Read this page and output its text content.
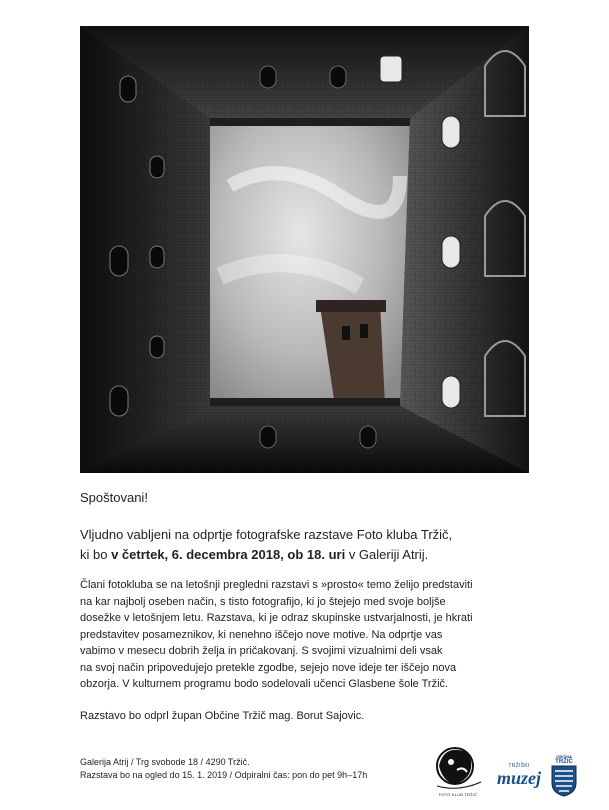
Spoštovani!
Vljudno vabljeni na odprtje fotografske razstave Foto kluba Tržič,
ki bo v četrtek, 6. decembra 2018, ob 18. uri v Galeriji Atrij.
Člani fotokluba se na letošnji pregledni razstavi s »prosto« temo želijo predstaviti
na kar najbolj oseben način, s tisto fotografijo, ki jo štejejo med svoje boljše
dosežke v letošnjem letu. Razstava, ki je odraz skupinske ustvarjalnosti, je hkrati
predstavitev posameznikov, ki nenehno iščejo nove motive. Na odprtje vas
vabimo v mesecu dobrih želja in pričakovanj. S svojimi vizualnimi deli vsak
na svoj način pripovedujejo pretekle zgodbe, sejejo nove ideje ter iščejo nova
obzorja. V kulturnem programu bodo sodelovali učenci Glasbene šole Tržič.
Razstavo bo odprl župan Občine Tržič mag. Borut Sajovic.
Galerija Atrij / Trg svobode 18 / 4290 Tržič.
Razstava bo na ogled do 15. 1. 2019 / Odpiralni čas: pon do pet 9h–17h
FOTO KLUB TRŽIČ
TRŽIŠKI
muzej
OBČINA
TRŽIČ
